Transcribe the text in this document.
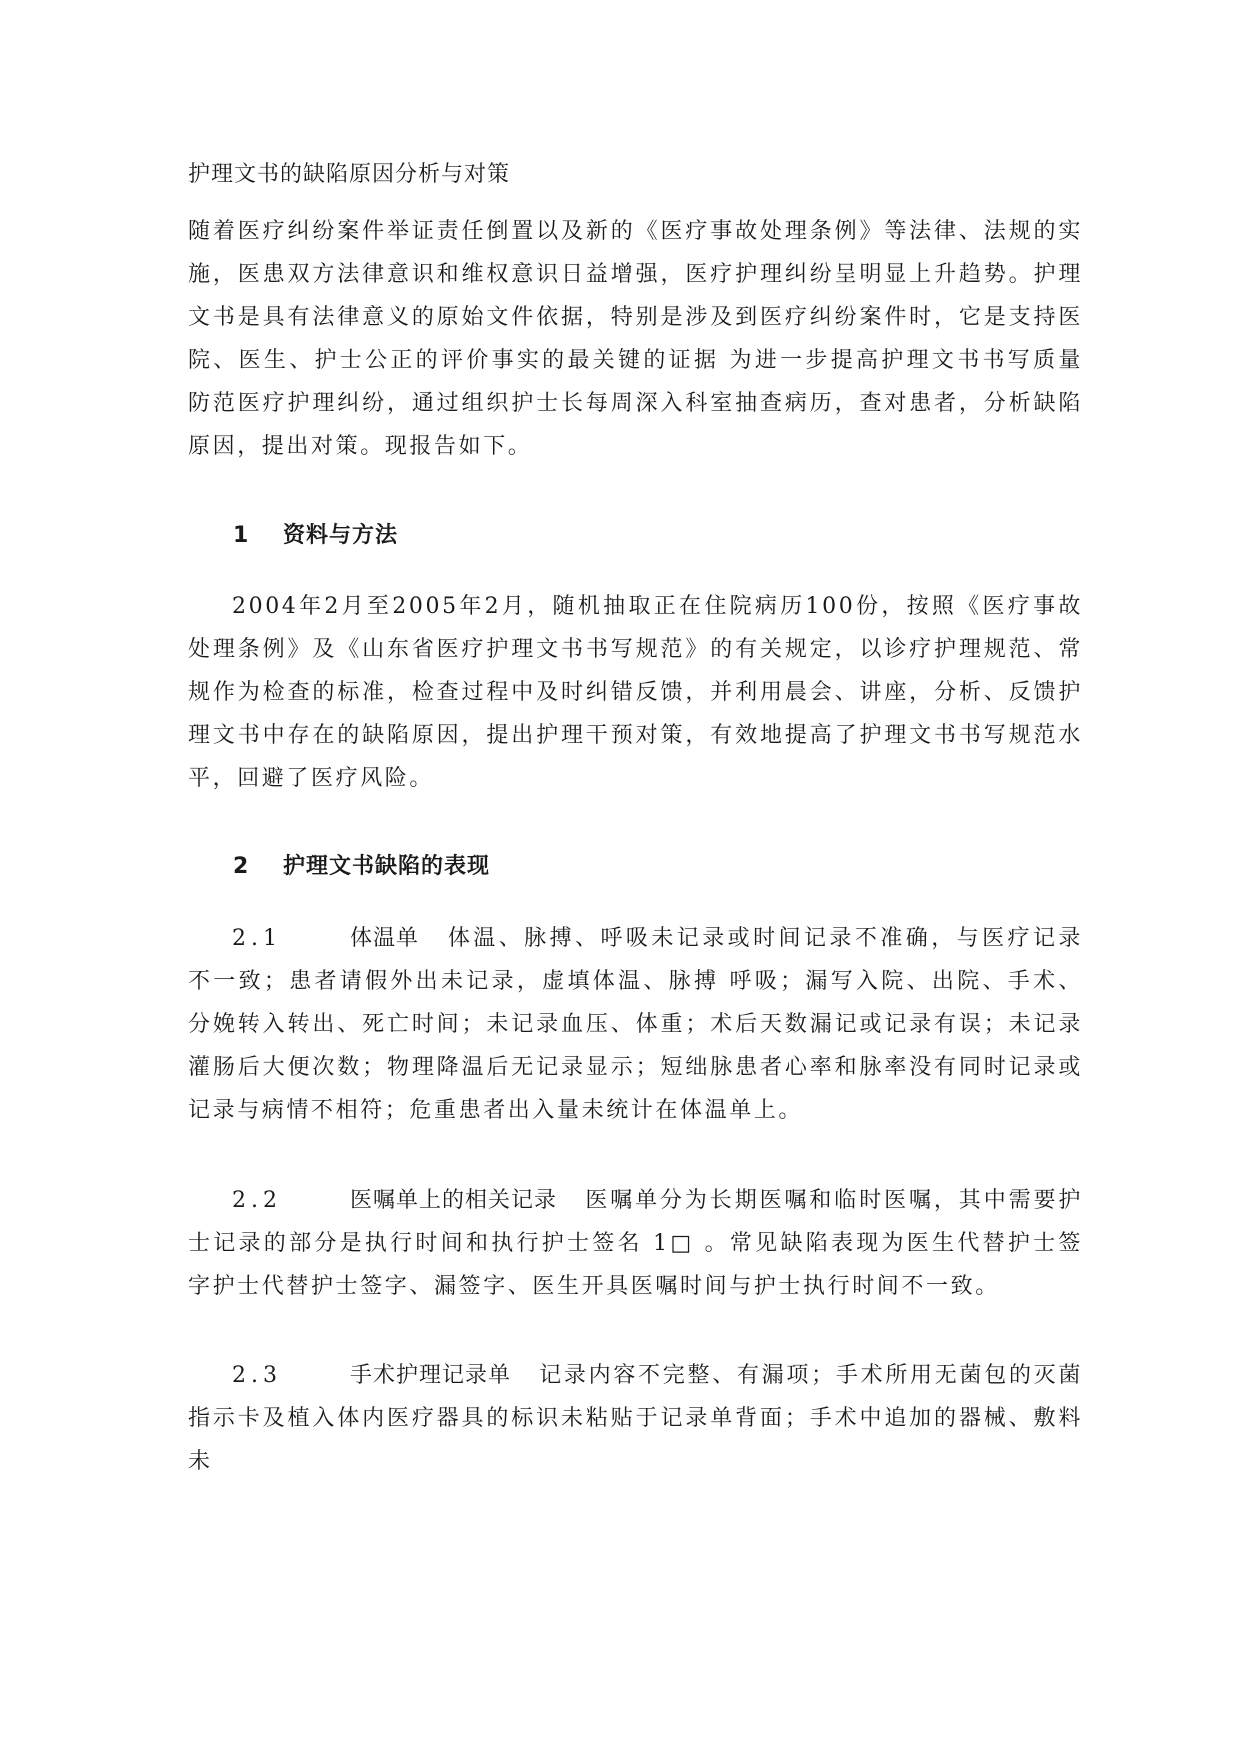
护理文书的缺陷原因分析与对策
随着医疗纠纷案件举证责任倒置以及新的《医疗事故处理条例》等法律、法规的实施，医患双方法律意识和维权意识日益增强，医疗护理纠纷呈明显上升趋势。护理文书是具有法律意义的原始文件依据，特别是涉及到医疗纠纷案件时，它是支持医院、医生、护士公正的评价事实的最关键的证据 为进一步提高护理文书书写质量防范医疗护理纠纷，通过组织护士长每周深入科室抽查病历，查对患者，分析缺陷原因，提出对策。现报告如下。
1 资料与方法
2004年2月至2005年2月，随机抽取正在住院病历100份，按照《医疗事故处理条例》及《山东省医疗护理文书书写规范》的有关规定，以诊疗护理规范、常规作为检查的标准，检查过程中及时纠错反馈，并利用晨会、讲座，分析、反馈护理文书中存在的缺陷原因，提出护理干预对策，有效地提高了护理文书书写规范水平，回避了医疗风险。
2 护理文书缺陷的表现
2.1	体温单 体温、脉搏、呼吸未记录或时间记录不准确，与医疗记录不一致；患者请假外出未记录，虚填体温、脉搏 呼吸；漏写入院、出院、手术、分娩转入转出、死亡时间；未记录血压、体重；术后天数漏记或记录有误；未记录灌肠后大便次数；物理降温后无记录显示；短绌脉患者心率和脉率没有同时记录或记录与病情不相符；危重患者出入量未统计在体温单上。
2.2	医嘱单上的相关记录 医嘱单分为长期医嘱和临时医嘱，其中需要护士记录的部分是执行时间和执行护士签名 1□ 。常见缺陷表现为医生代替护士签字护士代替护士签字、漏签字、医生开具医嘱时间与护士执行时间不一致。
2.3	手术护理记录单 记录内容不完整、有漏项；手术所用无菌包的灭菌指示卡及植入体内医疗器具的标识未粘贴于记录单背面；手术中追加的器械、敷料未
